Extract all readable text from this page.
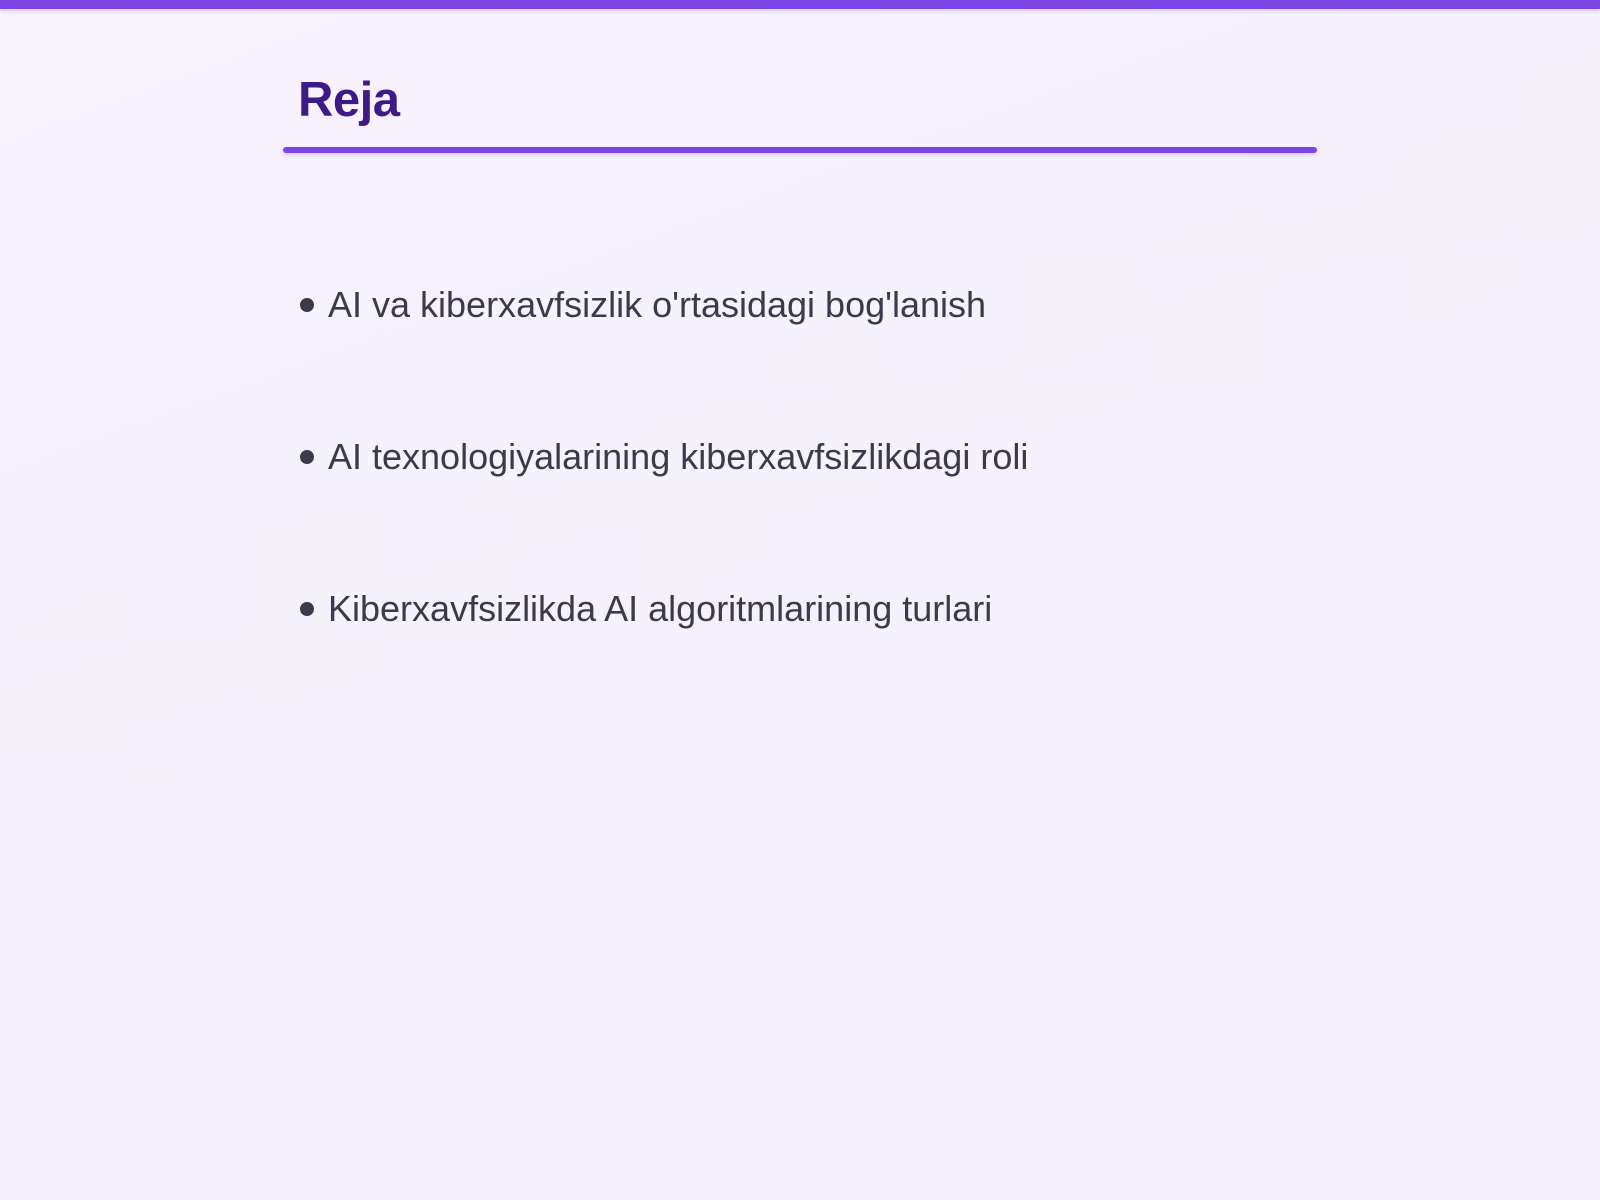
Reja
AI va kiberxavfsizlik o'rtasidagi bog'lanish
AI texnologiyalarining kiberxavfsizlikdagi roli
Kiberxavfsizlikda AI algoritmlarining turlari
